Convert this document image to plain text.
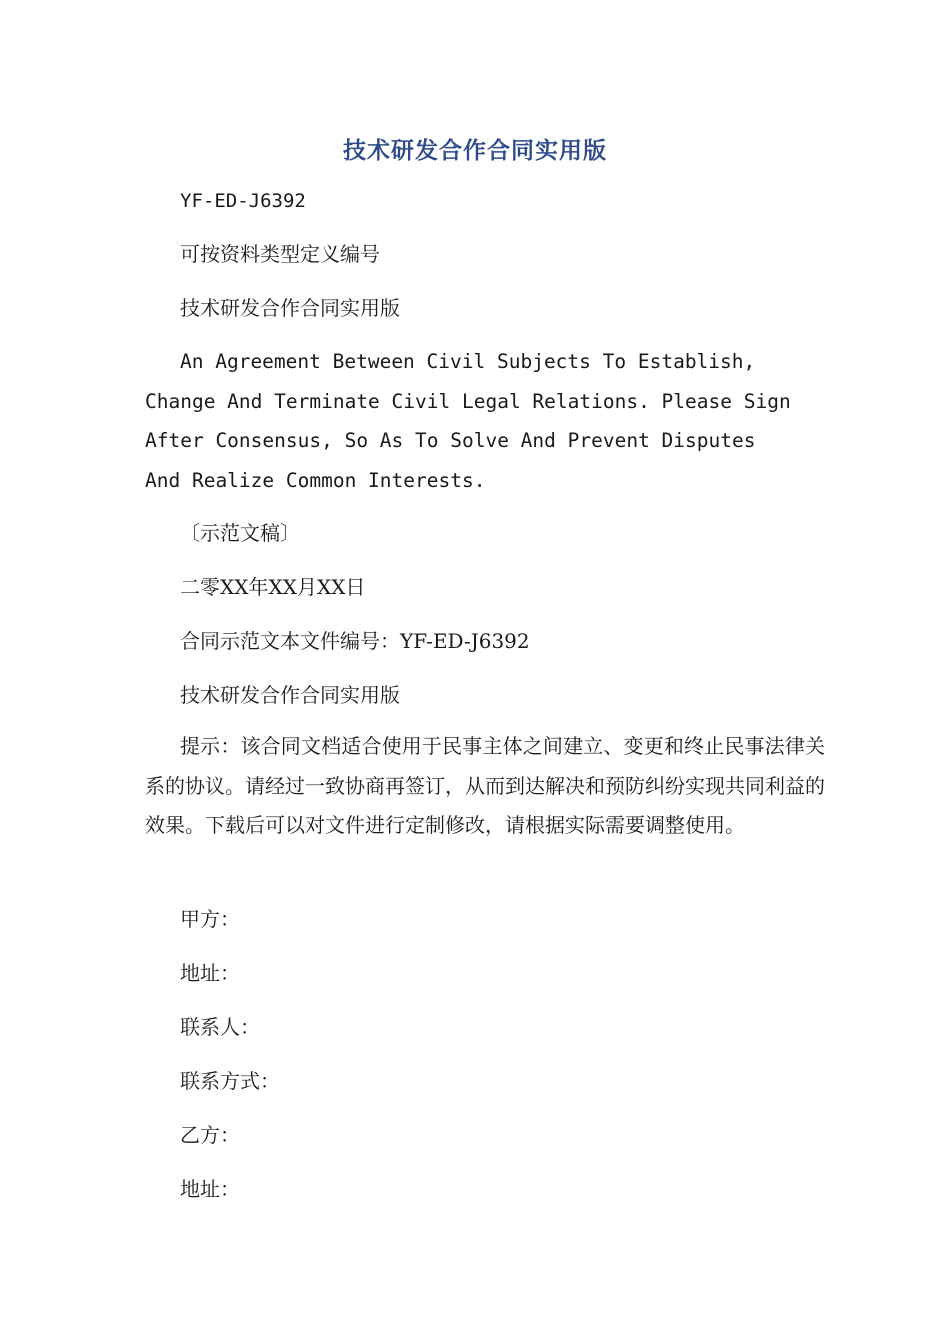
技术研发合作合同实用版
YF-ED-J6392
可按资料类型定义编号
技术研发合作合同实用版
An Agreement Between Civil Subjects To Establish, Change And Terminate Civil Legal Relations. Please Sign After Consensus, So As To Solve And Prevent Disputes And Realize Common Interests.
〔示范文稿〕
二零XX年XX月XX日
合同示范文本文件编号：YF-ED-J6392
技术研发合作合同实用版
提示：该合同文档适合使用于民事主体之间建立、变更和终止民事法律关系的协议。请经过一致协商再签订，从而到达解决和预防纠纷实现共同利益的效果。下载后可以对文件进行定制修改，请根据实际需要调整使用。
甲方：
地址：
联系人：
联系方式：
乙方：
地址：
